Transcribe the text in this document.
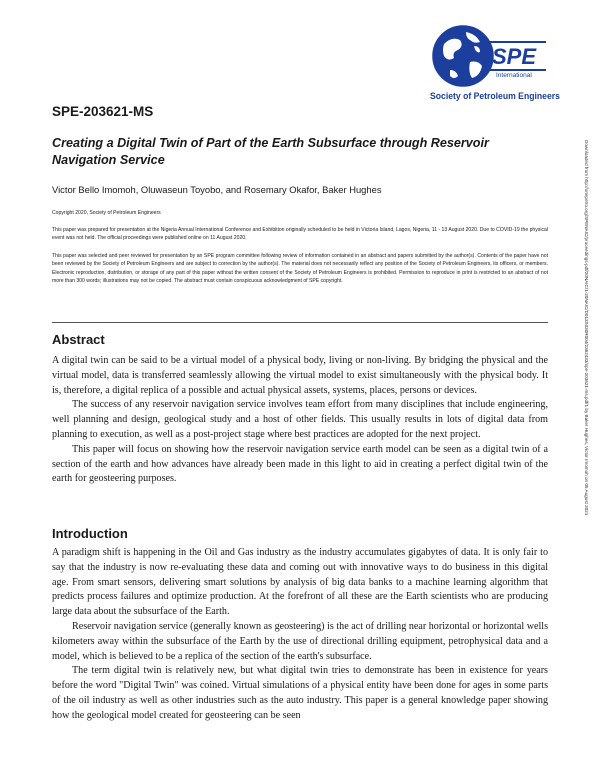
SPE
International
Society of Petroleum Engineers
SPE-203621-MS
Creating a Digital Twin of Part of the Earth Subsurface through Reservoir Navigation Service
Victor Bello Imomoh, Oluwaseun Toyobo, and Rosemary Okafor, Baker Hughes
Copyright 2020, Society of Petroleum Engineers
This paper was prepared for presentation at the Nigeria Annual International Conference and Exhibition originally scheduled to be held in Victoria Island, Lagos, Nigeria, 11 - 13 August 2020. Due to COVID-19 the physical event was not held. The official proceedings were published online on 11 August 2020.
This paper was selected and peer reviewed for presentation by an SPE program committee following review of information contained in an abstract and papers submitted by the author(s). Contents of the paper have not been reviewed by the Society of Petroleum Engineers and are subject to correction by the author(s). The material does not necessarily reflect any position of the Society of Petroleum Engineers, its officers, or members. Electronic reproduction, distribution, or storage of any part of this paper without the written consent of the Society of Petroleum Engineers is prohibited. Permission to reproduce in print is restricted to an abstract of not more than 300 words; illustrations may not be copied. The abstract must contain conspicuous acknowledgment of SPE copyright.
Abstract

A digital twin can be said to be a virtual model of a physical body, living or non-living. By bridging the physical and the virtual model, data is transferred seamlessly allowing the virtual model to exist simultaneously with the physical body. It is, therefore, a digital replica of a possible and actual physical assets, systems, places, persons or devices.

The success of any reservoir navigation service involves team effort from many disciplines that include engineering, well planning and design, geological study and a host of other fields. This usually results in lots of digital data from planning to execution, as well as a post-project stage where best practices are adopted for the next project.

This paper will focus on showing how the reservoir navigation service earth model can be seen as a digital twin of a section of the earth and how advances have already been made in this light to aid in creating a perfect digital twin of the earth for geosteering purposes.

Introduction

A paradigm shift is happening in the Oil and Gas industry as the industry accumulates gigabytes of data. It is only fair to say that the industry is now re-evaluating these data and coming out with innovative ways to do business in this digital age. From smart sensors, delivering smart solutions by analysis of big data banks to a machine learning algorithm that predicts process failures and optimize production. At the forefront of all these are the Earth scientists who are producing large data about the subsurface of the Earth.

Reservoir navigation service (generally known as geosteering) is the act of drilling near horizontal or horizontal wells kilometers away within the subsurface of the Earth by the use of directional drilling equipment, petrophysical data and a model, which is believed to be a replica of the section of the earth's subsurface.

The term digital twin is relatively new, but what digital twin tries to demonstrate has been in existence for years before the word "Digital Twin" was coined. Virtual simulations of a physical entity have been done for ages in some parts of the oil industry as well as other industries such as the auto industry. This paper is a general knowledge paper showing how the geological model created for geosteering can be seen

Downloaded from http://onepetro.org/SPENAIC/proceedings-pdf/20NAIC/1-20NAIC/D013S030R004/2362433/spe-203621-ms.pdf/1 by Baker Hughes, Victor Imomoh on 05 August 2021
